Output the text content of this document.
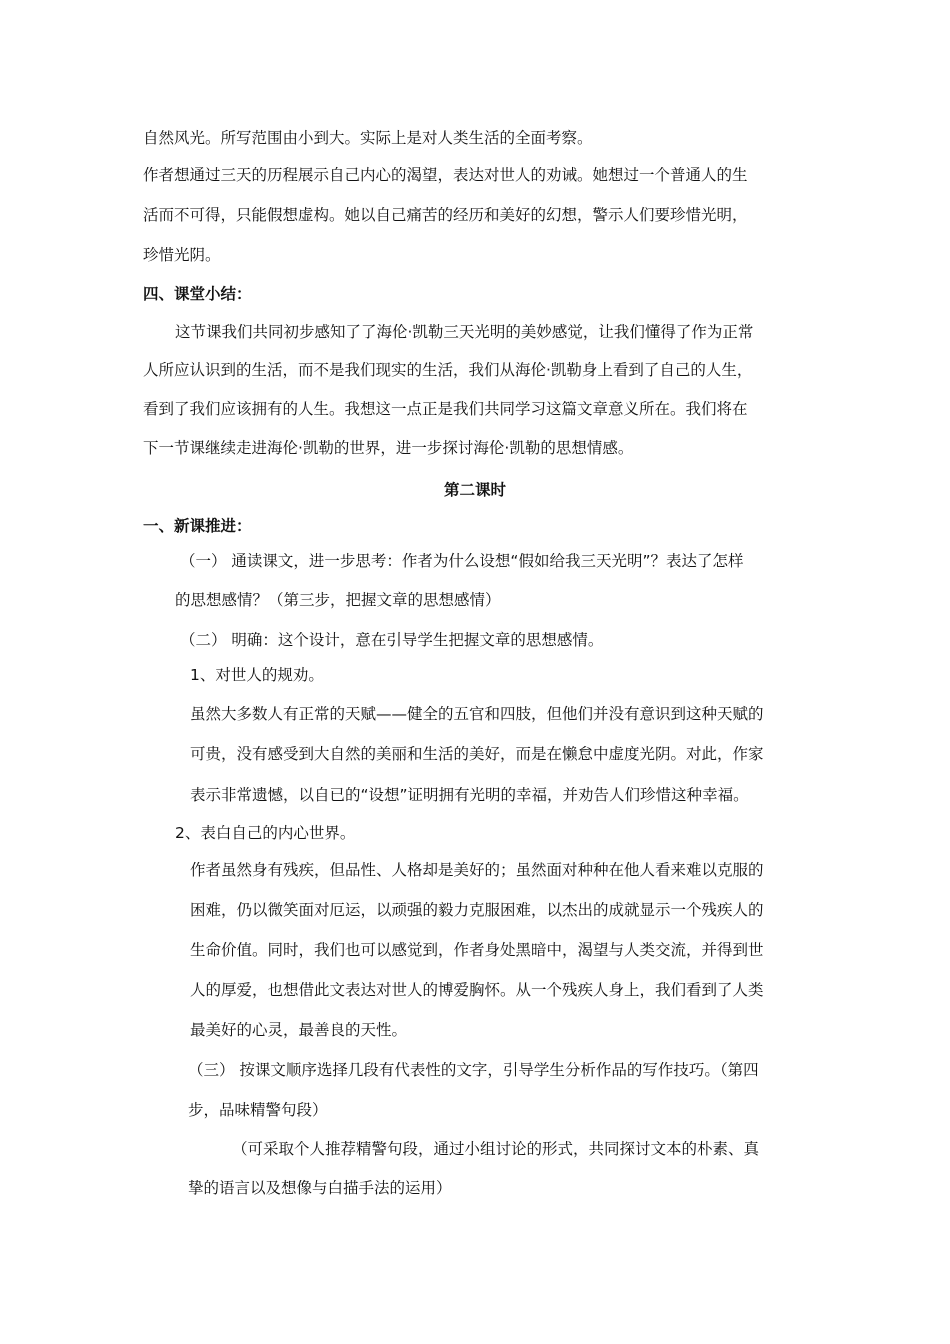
自然风光。所写范围由小到大。实际上是对人类生活的全面考察。
作者想通过三天的历程展示自己内心的渴望，表达对世人的劝诫。她想过一个普通人的生
活而不可得，只能假想虚构。她以自己痛苦的经历和美好的幻想，警示人们要珍惜光明，
珍惜光阴。
四、课堂小结：
这节课我们共同初步感知了了海伦·凯勒三天光明的美妙感觉，让我们懂得了作为正常
人所应认识到的生活，而不是我们现实的生活，我们从海伦·凯勒身上看到了自己的人生，
看到了我们应该拥有的人生。我想这一点正是我们共同学习这篇文章意义所在。我们将在
下一节课继续走进海伦·凯勒的世界，进一步探讨海伦·凯勒的思想情感。
第二课时
一、新课推进：
（一） 通读课文，进一步思考：作者为什么设想“假如给我三天光明”？表达了怎样
的思想感情？（第三步，把握文章的思想感情）
（二） 明确：这个设计，意在引导学生把握文章的思想感情。
1、对世人的规劝。
虽然大多数人有正常的天赋——健全的五官和四肢，但他们并没有意识到这种天赋的
可贵，没有感受到大自然的美丽和生活的美好，而是在懒怠中虚度光阴。对此，作家
表示非常遗憾，以自已的“设想”证明拥有光明的幸福，并劝告人们珍惜这种幸福。
2、表白自己的内心世界。
作者虽然身有残疾，但品性、人格却是美好的；虽然面对种种在他人看来难以克服的
困难，仍以微笑面对厄运，以顽强的毅力克服困难，以杰出的成就显示一个残疾人的
生命价值。同时，我们也可以感觉到，作者身处黑暗中，渴望与人类交流，并得到世
人的厚爱，也想借此文表达对世人的博爱胸怀。从一个残疾人身上，我们看到了人类
最美好的心灵，最善良的天性。
（三） 按课文顺序选择几段有代表性的文字，引导学生分析作品的写作技巧。（第四
步，品味精警句段）
（可采取个人推荐精警句段，通过小组讨论的形式，共同探讨文本的朴素、真
挚的语言以及想像与白描手法的运用）
